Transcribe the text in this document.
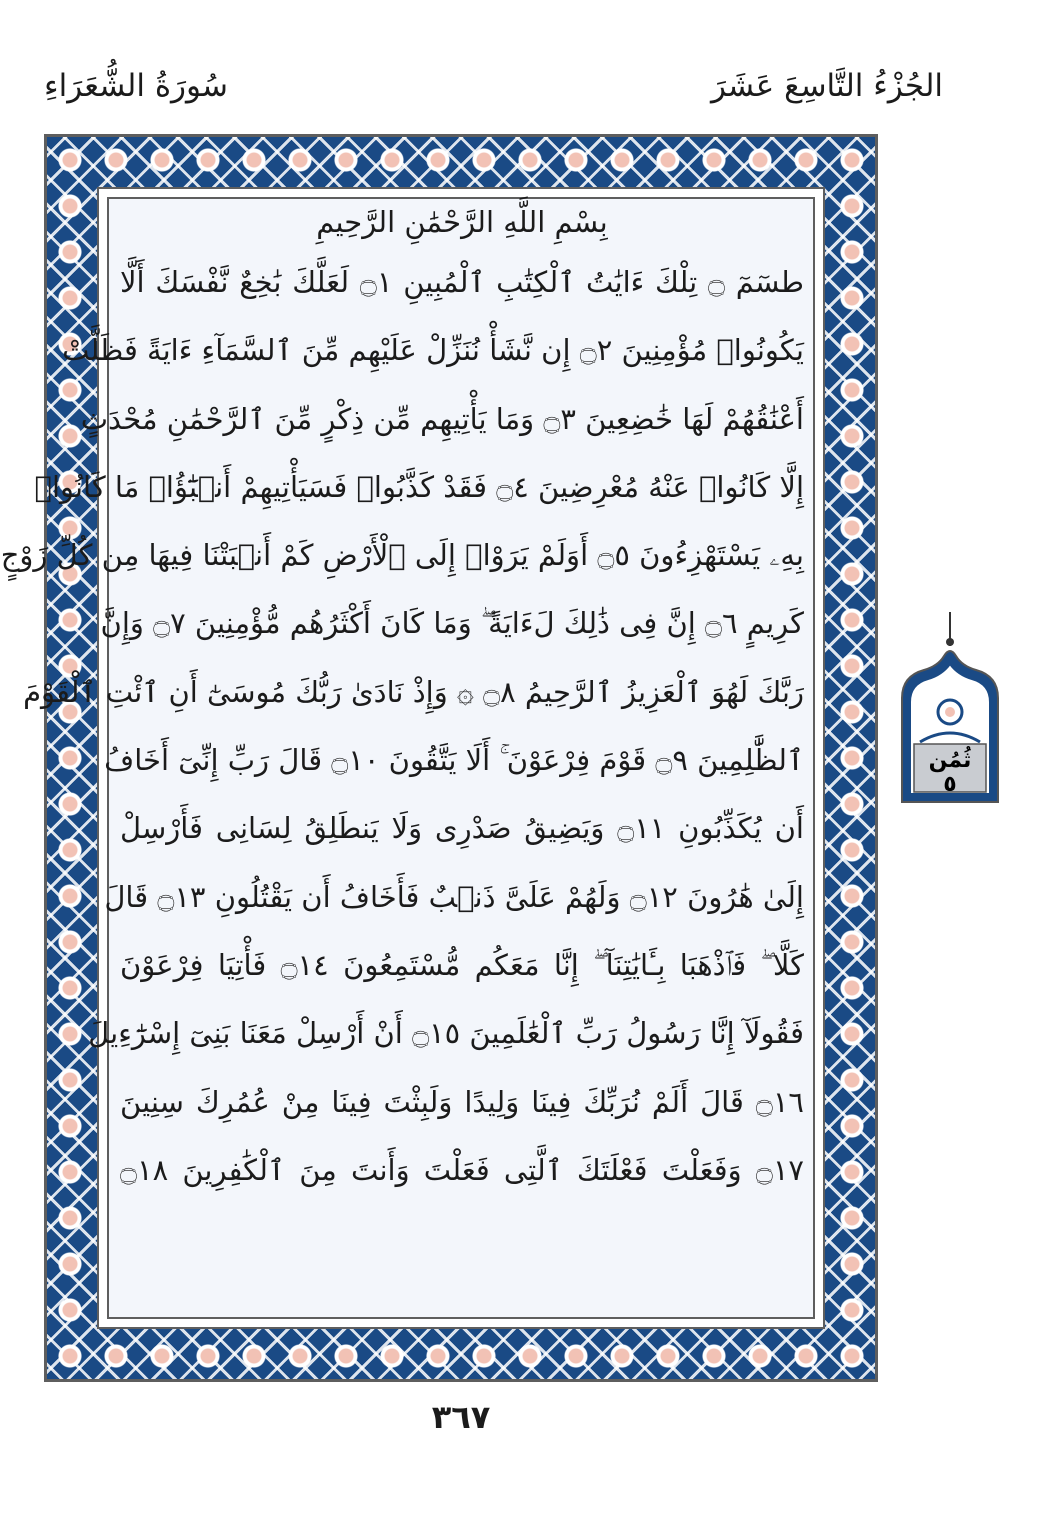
الجُزْءُ التَّاسِعَ عَشَرَ
سُورَةُ الشُّعَرَاءِ
بِسْمِ اللَّهِ الرَّحْمَٰنِ الرَّحِيمِ
طسٓمٓ ۝ تِلْكَ ءَايَٰتُ ٱلْكِتَٰبِ ٱلْمُبِينِ ۝١ لَعَلَّكَ بَٰخِعٌ نَّفْسَكَ أَلَّا
يَكُونُوا۟ مُؤْمِنِينَ ۝٢ إِن نَّشَأْ نُنَزِّلْ عَلَيْهِم مِّنَ ٱلسَّمَآءِ ءَايَةً فَظَلَّتْ
أَعْنَٰقُهُمْ لَهَا خَٰضِعِينَ ۝٣ وَمَا يَأْتِيهِم مِّن ذِكْرٍ مِّنَ ٱلرَّحْمَٰنِ مُحْدَثٍ
إِلَّا كَانُوا۟ عَنْهُ مُعْرِضِينَ ۝٤ فَقَدْ كَذَّبُوا۟ فَسَيَأْتِيهِمْ أَنۢبَٰٓؤُا۟ مَا كَانُوا۟
بِهِۦ يَسْتَهْزِءُونَ ۝٥ أَوَلَمْ يَرَوْا۟ إِلَى ٱلْأَرْضِ كَمْ أَنۢبَتْنَا فِيهَا مِن كُلِّ زَوْجٍ
كَرِيمٍ ۝٦ إِنَّ فِى ذَٰلِكَ لَءَايَةً ۖ وَمَا كَانَ أَكْثَرُهُم مُّؤْمِنِينَ ۝٧ وَإِنَّ
رَبَّكَ لَهُوَ ٱلْعَزِيزُ ٱلرَّحِيمُ ۝٨ ۞ وَإِذْ نَادَىٰ رَبُّكَ مُوسَىٰٓ أَنِ ٱئْتِ ٱلْقَوْمَ
ٱلظَّٰلِمِينَ ۝٩ قَوْمَ فِرْعَوْنَ ۚ أَلَا يَتَّقُونَ ۝١٠ قَالَ رَبِّ إِنِّىٓ أَخَافُ
أَن يُكَذِّبُونِ ۝١١ وَيَضِيقُ صَدْرِى وَلَا يَنطَلِقُ لِسَانِى فَأَرْسِلْ
إِلَىٰ هَٰرُونَ ۝١٢ وَلَهُمْ عَلَىَّ ذَنۢبٌ فَأَخَافُ أَن يَقْتُلُونِ ۝١٣ قَالَ
كَلَّا ۖ فَٱذْهَبَا بِـَٔايَٰتِنَآ ۖ إِنَّا مَعَكُم مُّسْتَمِعُونَ ۝١٤ فَأْتِيَا فِرْعَوْنَ
فَقُولَآ إِنَّا رَسُولُ رَبِّ ٱلْعَٰلَمِينَ ۝١٥ أَنْ أَرْسِلْ مَعَنَا بَنِىٓ إِسْرَٰٓءِيلَ
۝١٦ قَالَ أَلَمْ نُرَبِّكَ فِينَا وَلِيدًا وَلَبِثْتَ فِينَا مِنْ عُمُرِكَ سِنِينَ
۝١٧ وَفَعَلْتَ فَعْلَتَكَ ٱلَّتِى فَعَلْتَ وَأَنتَ مِنَ ٱلْكَٰفِرِينَ ۝١٨
ثُمُن
٥
٣٦٧
